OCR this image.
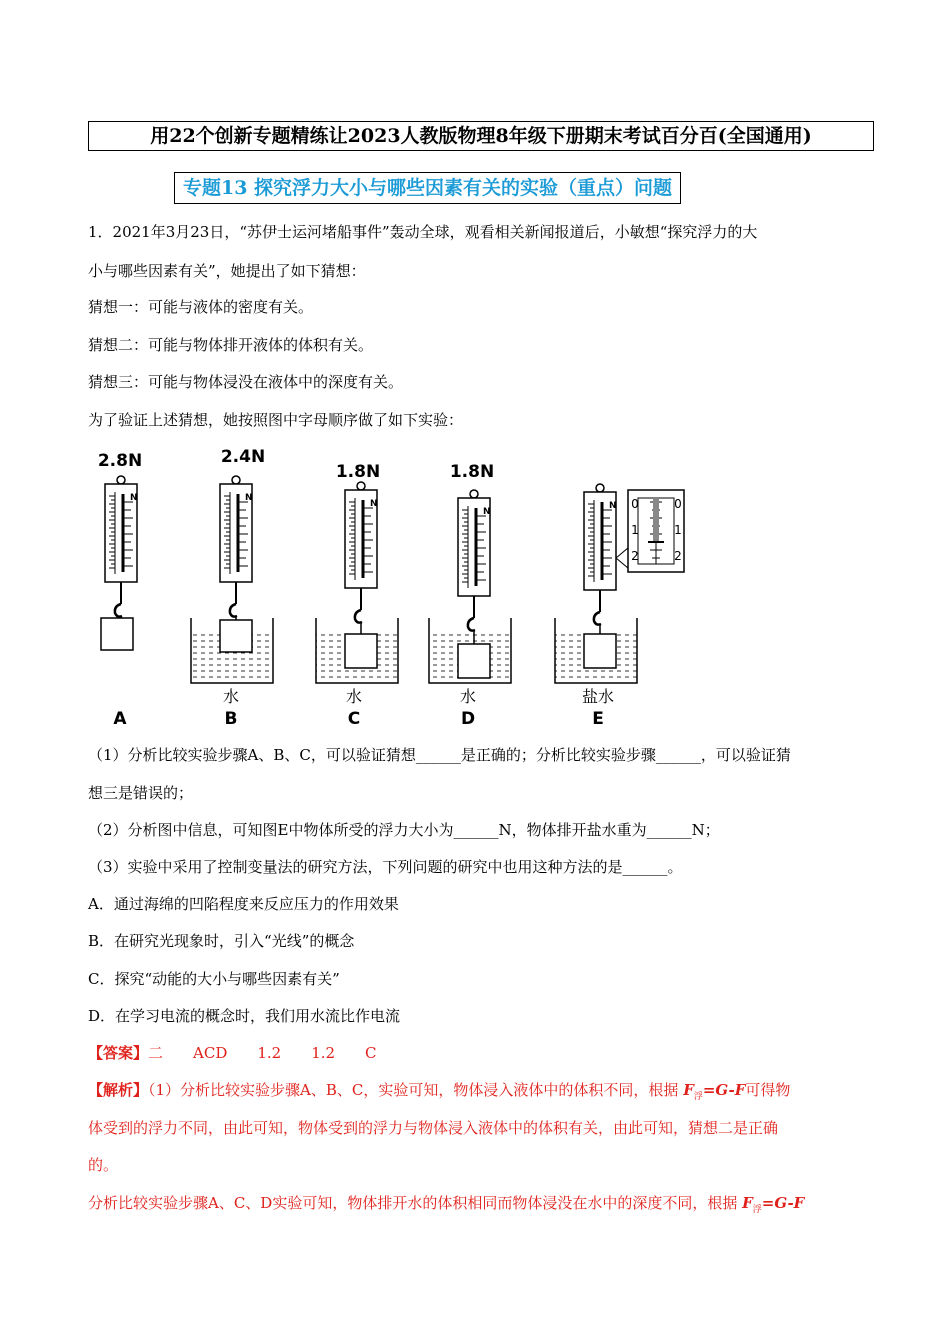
用22个创新专题精练让2023人教版物理8年级下册期末考试百分百(全国通用)
专题13 探究浮力大小与哪些因素有关的实验（重点）问题
1．2021年3月23日，“苏伊士运河堵船事件”轰动全球，观看相关新闻报道后，小敏想“探究浮力的大
小与哪些因素有关”，她提出了如下猜想：
猜想一：可能与液体的密度有关。
猜想二：可能与物体排开液体的体积有关。
猜想三：可能与物体浸没在液体中的深度有关。
为了验证上述猜想，她按照图中字母顺序做了如下实验：
2.8N
N
A
2.4N
N
水
B
1.8N
N
水
C
1.8N
N
水
D
N 0
1
2
0
1
2
盐水
E
（1）分析比较实验步骤A、B、C，可以验证猜想______是正确的；分析比较实验步骤______，可以验证猜
想三是错误的；
（2）分析图中信息，可知图E中物体所受的浮力大小为______N，物体排开盐水重为______N；
（3）实验中采用了控制变量法的研究方法，下列问题的研究中也用这种方法的是______。
A．通过海绵的凹陷程度来反应压力的作用效果
B．在研究光现象时，引入“光线”的概念
C．探究“动能的大小与哪些因素有关”
D．在学习电流的概念时，我们用水流比作电流
【答案】二　　ACD　　1.2　　1.2　　C
【解析】（1）分析比较实验步骤A、B、C，实验可知，物体浸入液体中的体积不同，根据 $F_浮=G-F$可得物
体受到的浮力不同，由此可知，物体受到的浮力与物体浸入液体中的体积有关，由此可知，猜想二是正确
的。
分析比较实验步骤A、C、D实验可知，物体排开水的体积相同而物体浸没在水中的深度不同，根据 $F_浮=G-F$
